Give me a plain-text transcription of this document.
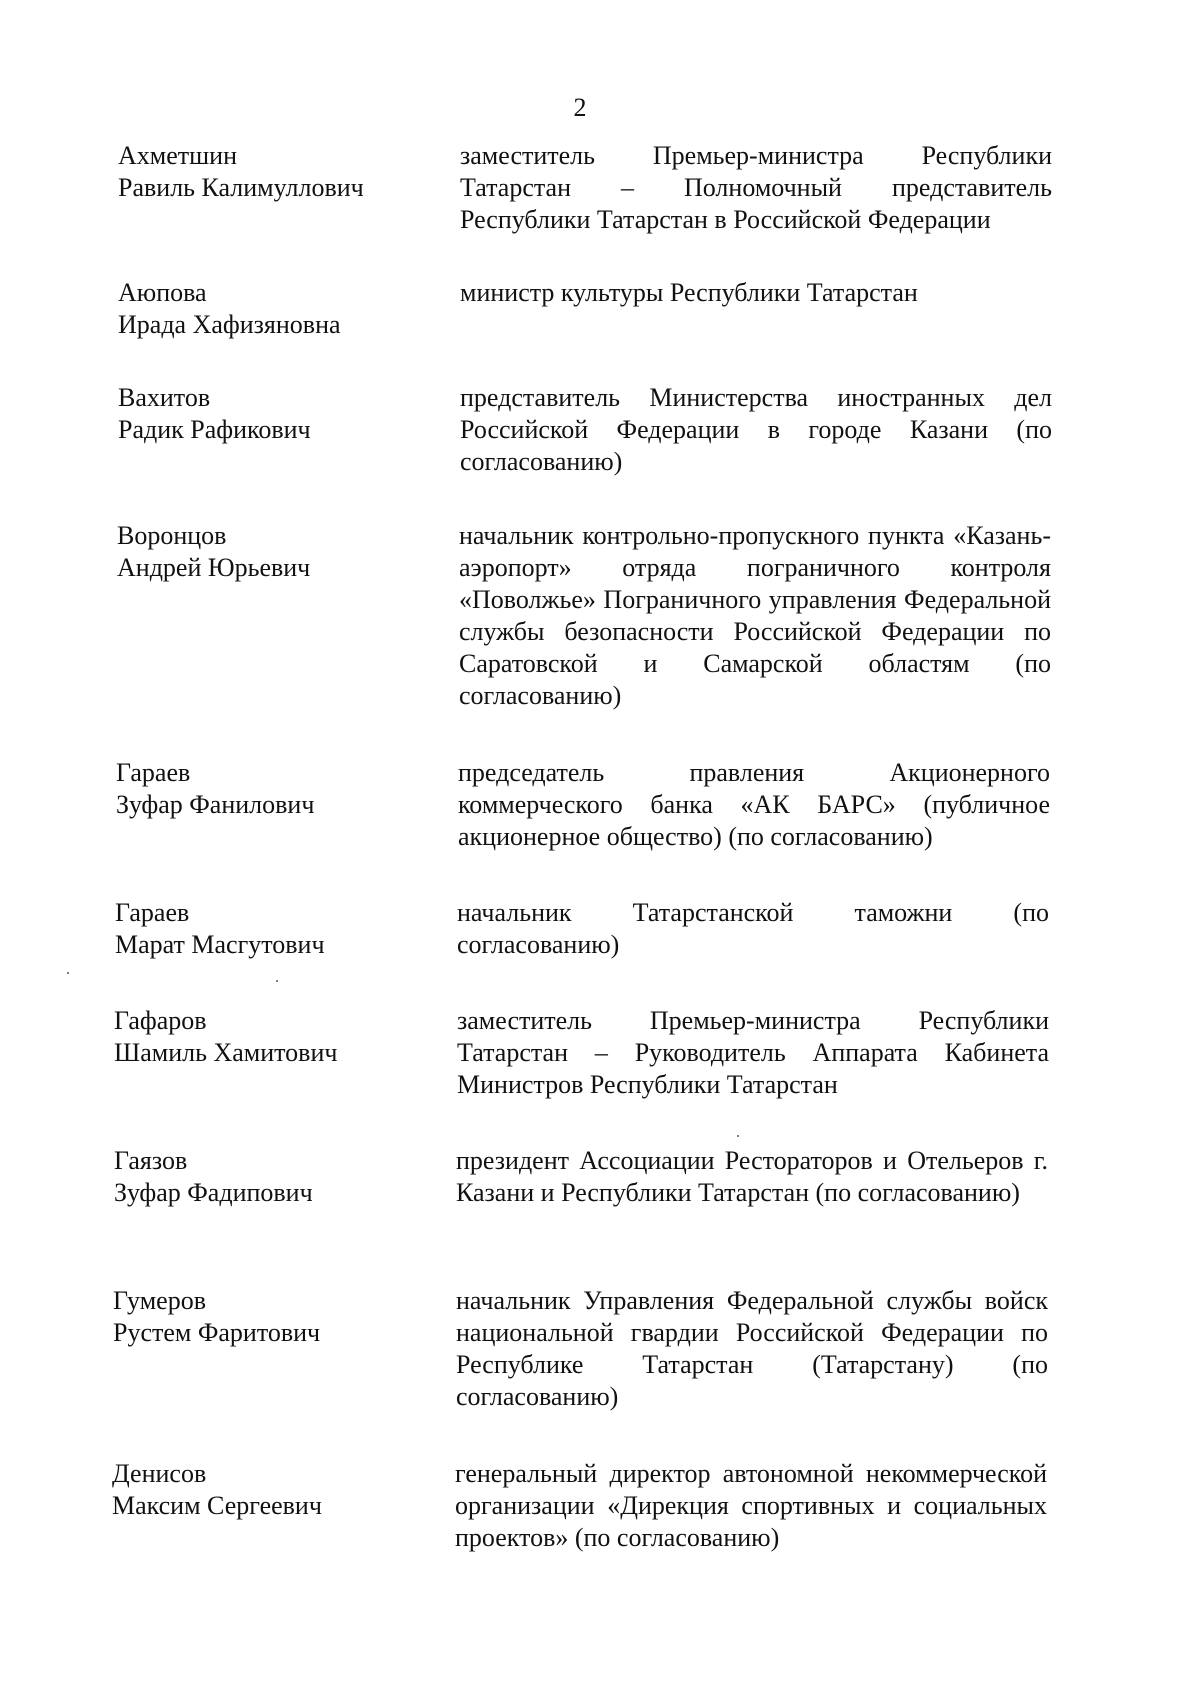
2
Ахметшин
Равиль Калимуллович
заместитель Премьер-министра Республики Татарстан – Полномочный представитель Республики Татарстан в Российской Федерации
Аюпова
Ирада Хафизяновна
министр культуры Республики Татарстан
Вахитов
Радик Рафикович
представитель Министерства иностранных дел Российской Федерации в городе Казани (по согласованию)
Воронцов
Андрей Юрьевич
начальник контрольно-пропускного пункта «Казань-аэропорт» отряда пограничного контроля «Поволжье» Пограничного управления Федеральной службы безопасности Российской Федерации по Саратовской и Самарской областям (по согласованию)
Гараев
Зуфар Фанилович
председатель правления Акционерного коммерческого банка «АК БАРС» (публичное акционерное общество) (по согласованию)
Гараев
Марат Масгутович
начальник Татарстанской таможни (по согласованию)
Гафаров
Шамиль Хамитович
заместитель Премьер-министра Республики Татарстан – Руководитель Аппарата Кабинета Министров Республики Татарстан
Гаязов
Зуфар Фадипович
президент Ассоциации Рестораторов и Отельеров г. Казани и Республики Татарстан (по согласованию)
Гумеров
Рустем Фаритович
начальник Управления Федеральной службы войск национальной гвардии Российской Федерации по Республике Татарстан (Татарстану) (по согласованию)
Денисов
Максим Сергеевич
генеральный директор автономной некоммерческой организации «Дирекция спортивных и социальных проектов» (по согласованию)
